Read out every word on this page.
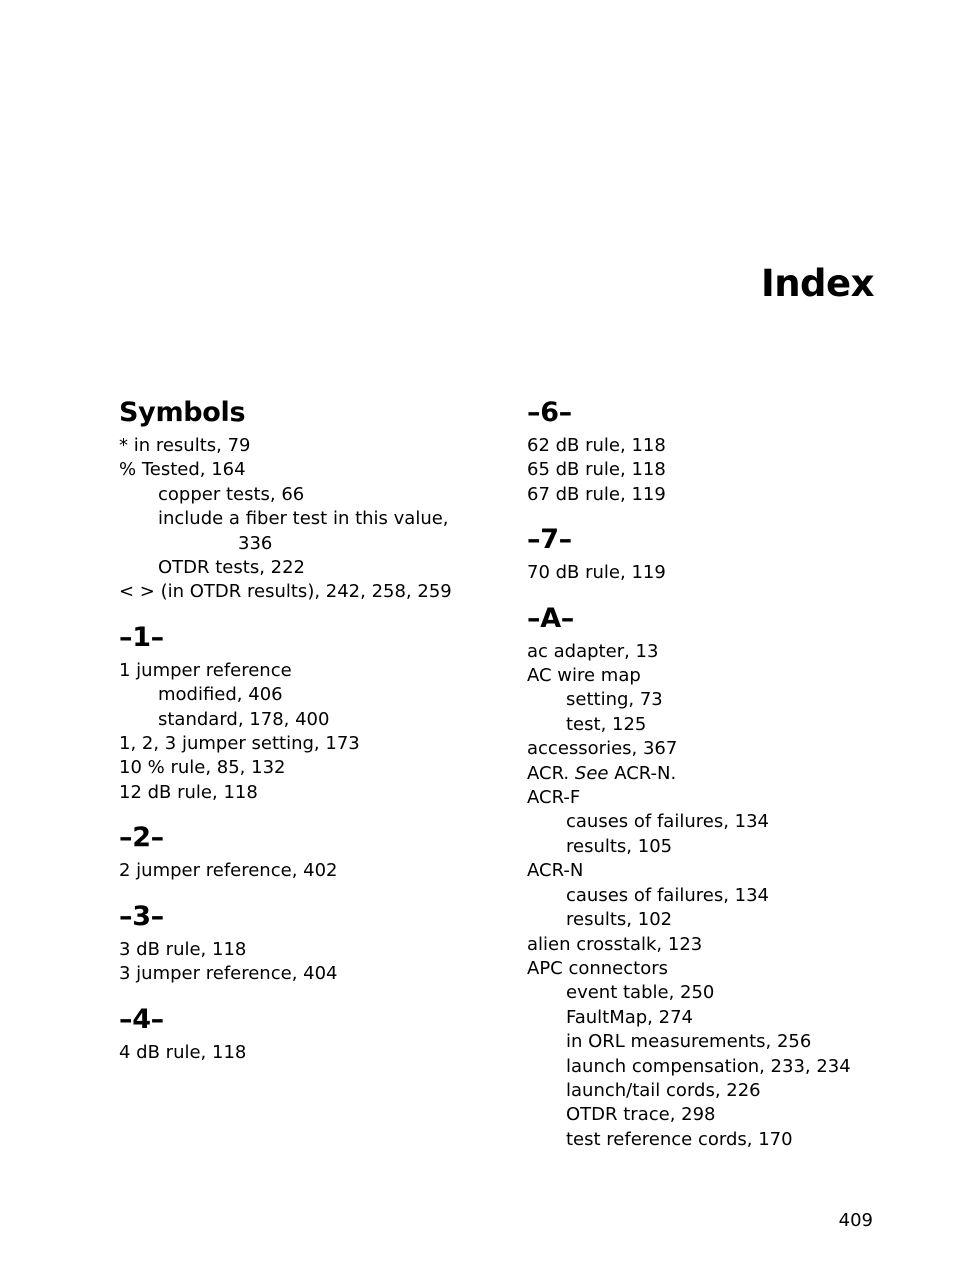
Index
Symbols
* in results, 79
% Tested, 164
copper tests, 66
include a fiber test in this value,
336
OTDR tests, 222
< > (in OTDR results), 242, 258, 259
–1–
1 jumper reference
modified, 406
standard, 178, 400
1, 2, 3 jumper setting, 173
10 % rule, 85, 132
12 dB rule, 118
–2–
2 jumper reference, 402
–3–
3 dB rule, 118
3 jumper reference, 404
–4–
4 dB rule, 118
–6–
62 dB rule, 118
65 dB rule, 118
67 dB rule, 119
–7–
70 dB rule, 119
–A–
ac adapter, 13
AC wire map
setting, 73
test, 125
accessories, 367
ACR. See ACR-N.
ACR-F
causes of failures, 134
results, 105
ACR-N
causes of failures, 134
results, 102
alien crosstalk, 123
APC connectors
event table, 250
FaultMap, 274
in ORL measurements, 256
launch compensation, 233, 234
launch/tail cords, 226
OTDR trace, 298
test reference cords, 170
409
